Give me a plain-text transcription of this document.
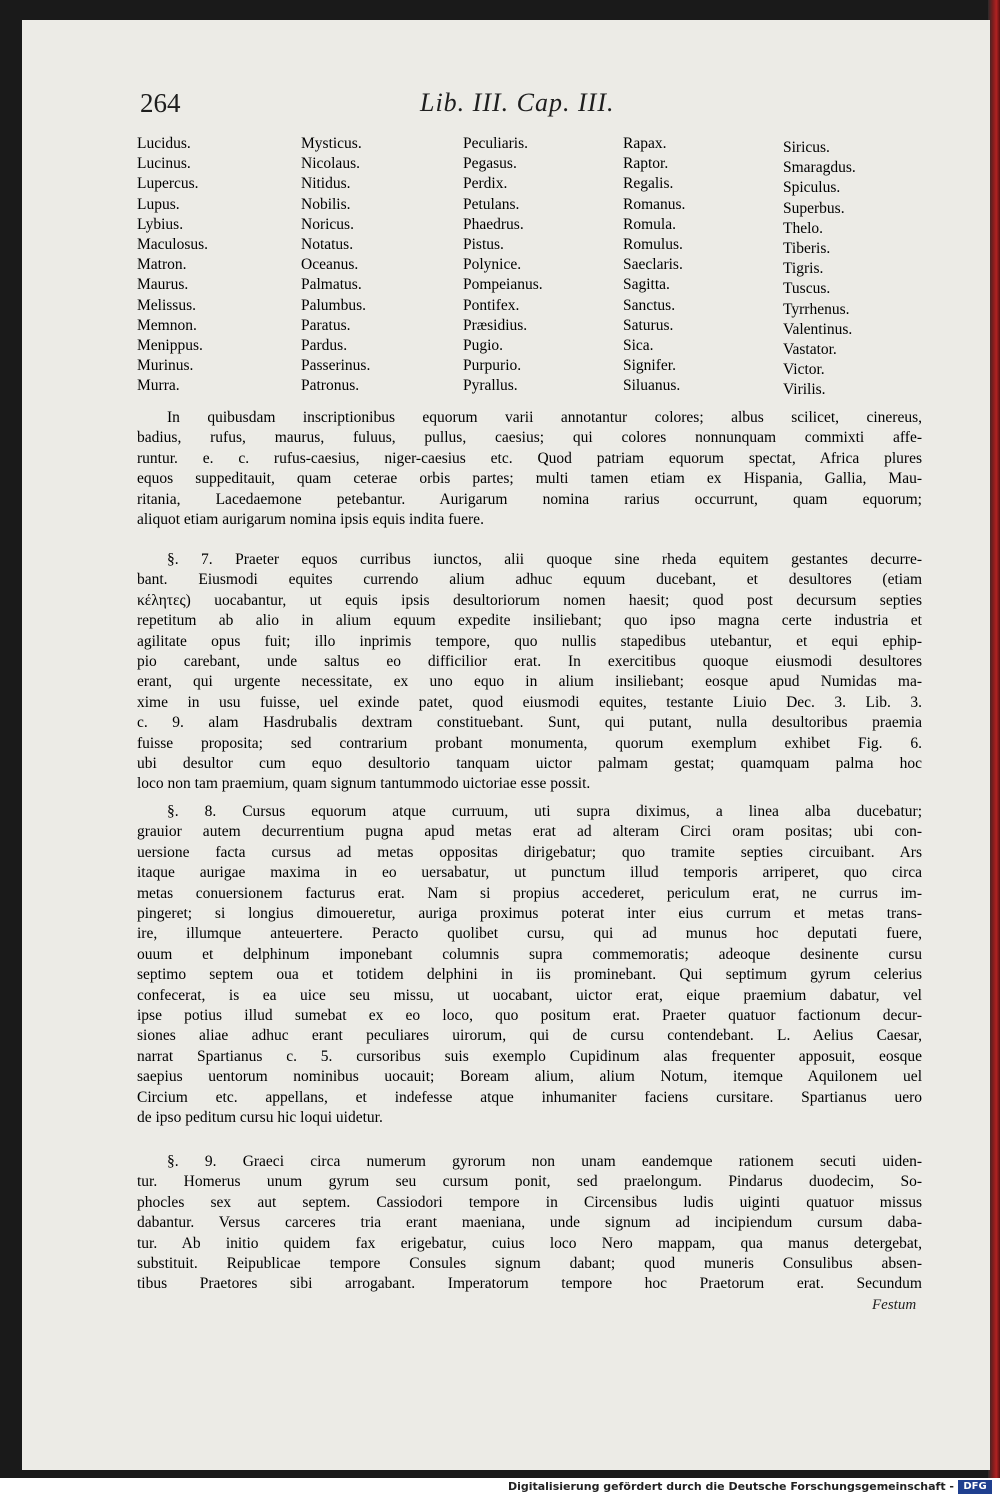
264	Lib. III. Cap. III.
Lucidus.
Lucinus.
Lupercus.
Lupus.
Lybius.
Maculosus.
Matron.
Maurus.
Melissus.
Memnon.
Menippus.
Murinus.
Murra.
Mysticus.
Nicolaus.
Nitidus.
Nobilis.
Noricus.
Notatus.
Oceanus.
Palmatus.
Palumbus.
Paratus.
Pardus.
Passerinus.
Patronus.
Peculiaris.
Pegasus.
Perdix.
Petulans.
Phaedrus.
Pistus.
Polynice.
Pompeianus.
Pontifex.
Præsidius.
Pugio.
Purpurio.
Pyrallus.
Rapax.
Raptor.
Regalis.
Romanus.
Romula.
Romulus.
Saeclaris.
Sagitta.
Sanctus.
Saturus.
Sica.
Signifer.
Siluanus.
Siricus.
Smaragdus.
Spiculus.
Superbus.
Thelo.
Tiberis.
Tigris.
Tuscus.
Tyrrhenus.
Valentinus.
Vastator.
Victor.
Virilis.
In quibusdam inscriptionibus equorum varii annotantur colores; albus scilicet, cinereus,
badius, rufus, maurus, fuluus, pullus, caesius; qui colores nonnunquam commixti affe-
runtur. e. c. rufus-caesius, niger-caesius etc. Quod patriam equorum spectat, Africa plures
equos suppeditauit, quam ceterae orbis partes; multi tamen etiam ex Hispania, Gallia, Mau-
ritania, Lacedaemone petebantur. Aurigarum nomina rarius occurrunt, quam equorum;
aliquot etiam aurigarum nomina ipsis equis indita fuere.
§. 7. Praeter equos curribus iunctos, alii quoque sine rheda equitem gestantes decurre-
bant. Eiusmodi equites currendo alium adhuc equum ducebant, et desultores (etiam
κέλητες) uocabantur, ut equis ipsis desultoriorum nomen haesit; quod post decursum septies
repetitum ab alio in alium equum expedite insiliebant; quo ipso magna certe industria et
agilitate opus fuit; illo inprimis tempore, quo nullis stapedibus utebantur, et equi ephip-
pio carebant, unde saltus eo difficilior erat. In exercitibus quoque eiusmodi desultores
erant, qui urgente necessitate, ex uno equo in alium insiliebant; eosque apud Numidas ma-
xime in usu fuisse, uel exinde patet, quod eiusmodi equites, testante Liuio Dec. 3. Lib. 3.
c. 9. alam Hasdrubalis dextram constituebant. Sunt, qui putant, nulla desultoribus praemia
fuisse proposita; sed contrarium probant monumenta, quorum exemplum exhibet Fig. 6.
ubi desultor cum equo desultorio tanquam uictor palmam gestat; quamquam palma hoc
loco non tam praemium, quam signum tantummodo uictoriae esse possit.
§. 8. Cursus equorum atque curruum, uti supra diximus, a linea alba ducebatur;
grauior autem decurrentium pugna apud metas erat ad alteram Circi oram positas; ubi con-
uersione facta cursus ad metas oppositas dirigebatur; quo tramite septies circuibant. Ars
itaque aurigae maxima in eo uersabatur, ut punctum illud temporis arriperet, quo circa
metas conuersionem facturus erat. Nam si propius accederet, periculum erat, ne currus im-
pingeret; si longius dimoueretur, auriga proximus poterat inter eius currum et metas trans-
ire, illumque anteuertere. Peracto quolibet cursu, qui ad munus hoc deputati fuere,
ouum et delphinum imponebant columnis supra commemoratis; adeoque desinente cursu
septimo septem oua et totidem delphini in iis prominebant. Qui septimum gyrum celerius
confecerat, is ea uice seu missu, ut uocabant, uictor erat, eique praemium dabatur, vel
ipse potius illud sumebat ex eo loco, quo positum erat. Praeter quatuor factionum decur-
siones aliae adhuc erant peculiares uirorum, qui de cursu contendebant. L. Aelius Caesar,
narrat Spartianus c. 5. cursoribus suis exemplo Cupidinum alas frequenter apposuit, eosque
saepius uentorum nominibus uocauit; Boream alium, alium Notum, itemque Aquilonem uel
Circium etc. appellans, et indefesse atque inhumaniter faciens cursitare. Spartianus uero
de ipso peditum cursu hic loqui uidetur.
§. 9. Graeci circa numerum gyrorum non unam eandemque rationem secuti uiden-
tur. Homerus unum gyrum seu cursum ponit, sed praelongum. Pindarus duodecim, So-
phocles sex aut septem. Cassiodori tempore in Circensibus ludis uiginti quatuor missus
dabantur. Versus carceres tria erant maeniana, unde signum ad incipiendum cursum daba-
tur. Ab initio quidem fax erigebatur, cuius loco Nero mappam, qua manus detergebat,
substituit. Reipublicae tempore Consules signum dabant; quod muneris Consulibus absen-
tibus Praetores sibi arrogabant. Imperatorum tempore hoc Praetorum erat. Secundum
Festum
Digitalisierung gefördert durch die Deutsche Forschungsgemeinschaft - DFG
